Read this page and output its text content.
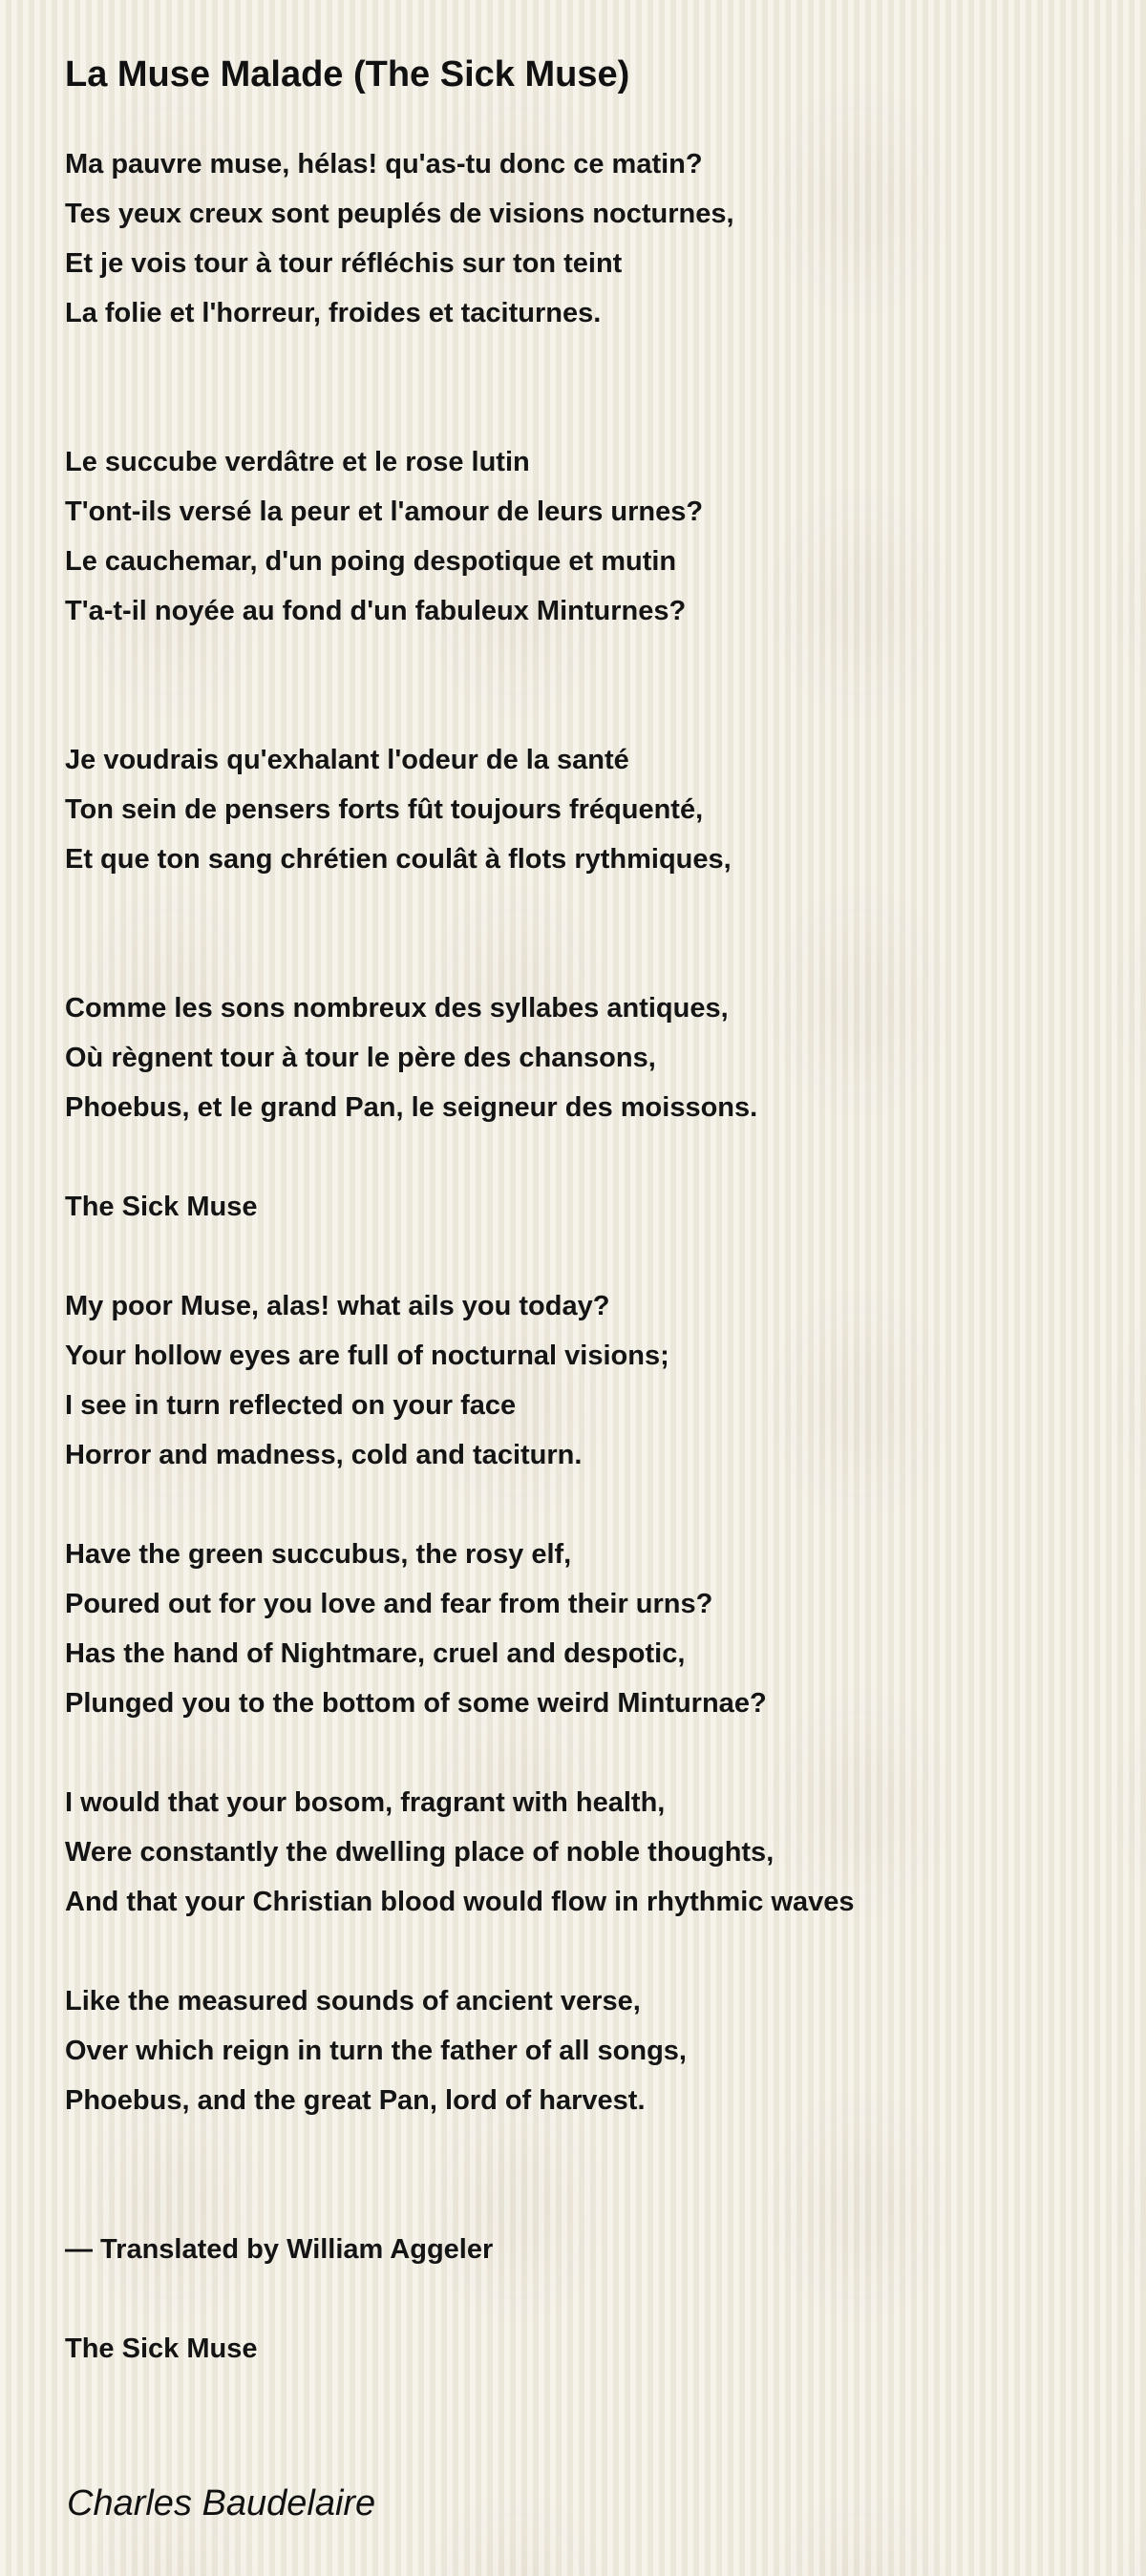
La Muse Malade (The Sick Muse)
Ma pauvre muse, hélas! qu'as-tu donc ce matin?
Tes yeux creux sont peuplés de visions nocturnes,
Et je vois tour à tour réfléchis sur ton teint
La folie et l'horreur, froides et taciturnes.
Le succube verdâtre et le rose lutin
T'ont-ils versé la peur et l'amour de leurs urnes?
Le cauchemar, d'un poing despotique et mutin
T'a-t-il noyée au fond d'un fabuleux Minturnes?
Je voudrais qu'exhalant l'odeur de la santé
Ton sein de pensers forts fût toujours fréquenté,
Et que ton sang chrétien coulât à flots rythmiques,
Comme les sons nombreux des syllabes antiques,
Où règnent tour à tour le père des chansons,
Phoebus, et le grand Pan, le seigneur des moissons.
The Sick Muse
My poor Muse, alas! what ails you today?
Your hollow eyes are full of nocturnal visions;
I see in turn reflected on your face
Horror and madness, cold and taciturn.
Have the green succubus, the rosy elf,
Poured out for you love and fear from their urns?
Has the hand of Nightmare, cruel and despotic,
Plunged you to the bottom of some weird Minturnae?
I would that your bosom, fragrant with health,
Were constantly the dwelling place of noble thoughts,
And that your Christian blood would flow in rhythmic waves
Like the measured sounds of ancient verse,
Over which reign in turn the father of all songs,
Phoebus, and the great Pan, lord of harvest.
— Translated by William Aggeler
The Sick Muse
Charles Baudelaire
